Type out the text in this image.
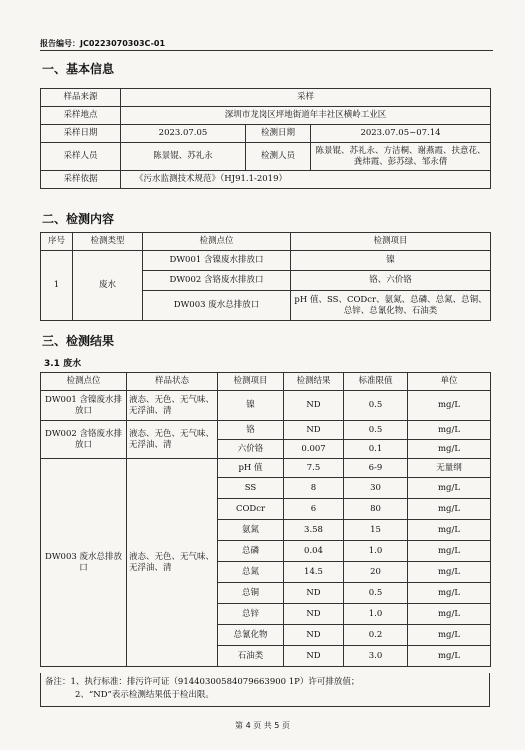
报告编号：JC0223070303C-01
一、基本信息
样品来源	采样		
采样地点	深圳市龙岗区坪地街道年丰社区横岭工业区		
采样日期	2023.07.05	检测日期	2023.07.05~07.14
采样人员	陈景锟、苏礼永	检测人员	陈景锟、苏礼永、方洁桐、谢燕霞、扶意花、龚炜霞、彭苏绿、邹永倩
采样依据	《污水监测技术规范》（HJ91.1-2019）		
二、检测内容
序号	检测类型	检测点位	检测项目
1	废水	DW001 含镍废水排放口	镍
		DW002 含铬废水排放口	铬、六价铬
		DW003 废水总排放口	pH 值、SS、CODcr、氨氮、总磷、总氮、总铜、总锌、总氰化物、石油类
三、检测结果
3.1 废水
检测点位	样品状态	检测项目	检测结果	标准限值	单位
DW001 含镍废水排放口	液态、无色、无气味、无浮油、清	镍	ND	0.5	mg/L
DW002 含铬废水排放口	液态、无色、无气味、无浮油、清	铬	ND	0.5	mg/L
		六价铬	0.007	0.1	mg/L
DW003 废水总排放口	液态、无色、无气味、无浮油、清	pH 值	7.5	6-9	无量纲
		SS	8	30	mg/L
		CODcr	6	80	mg/L
		氨氮	3.58	15	mg/L
		总磷	0.04	1.0	mg/L
		总氮	14.5	20	mg/L
		总铜	ND	0.5	mg/L
		总锌	ND	1.0	mg/L
		总氰化物	ND	0.2	mg/L
		石油类	ND	3.0	mg/L
备注：1、执行标准：排污许可证（91440300584079663900 1P）许可排放值；
2、“ND”表示检测结果低于检出限。
第 4 页 共 5 页
